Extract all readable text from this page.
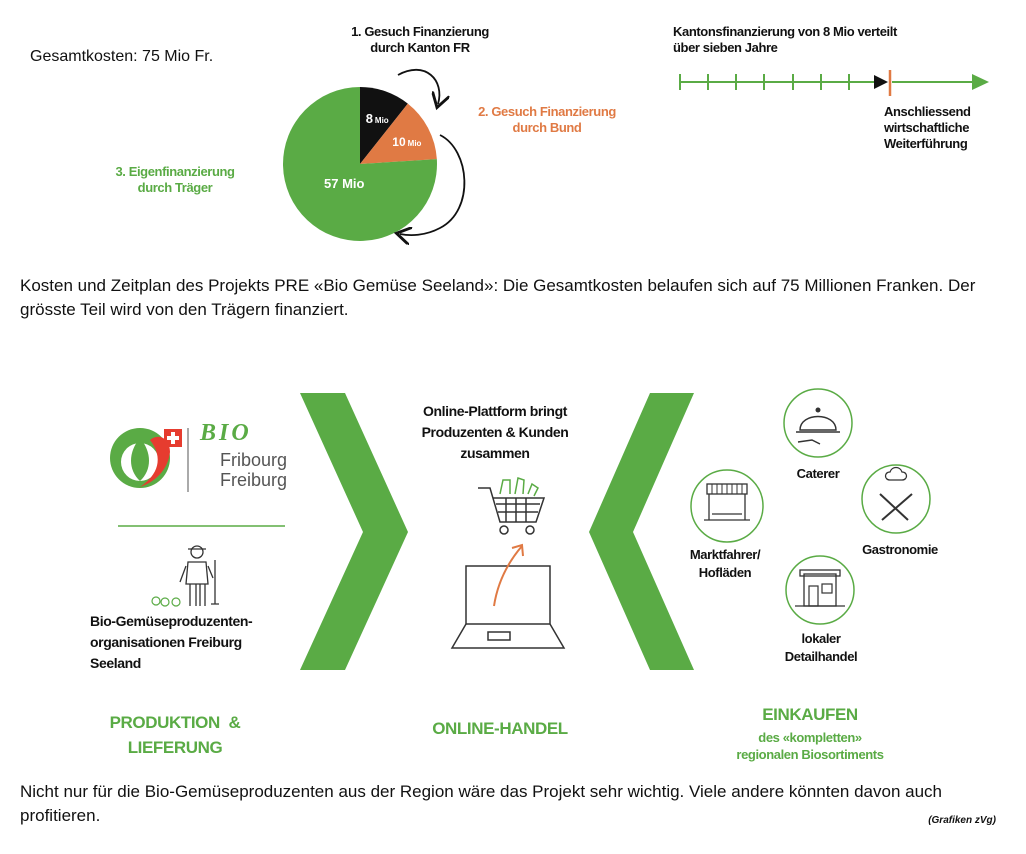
8 Mio
10 Mio
57 Mio
Gesamtkosten: 75 Mio Fr.
1. Gesuch Finanzierung
durch Kanton FR
2. Gesuch Finanzierung
durch Bund
3. Eigenfinanzierung
durch Träger
Kantonsfinanzierung von 8 Mio verteilt
über sieben Jahre
Anschliessend
wirtschaftliche
Weiterführung
Kosten und Zeitplan des Projekts PRE «Bio Gemüse Seeland»: Die Gesamtkosten belaufen sich auf 75 Millionen Franken. Der grösste Teil wird von den Trägern finanziert.
BIO
Fribourg
Freiburg
Bio-Gemüseproduzenten-
organisationen Freiburg
Seeland
Online-Plattform bringt
Produzenten & Kunden
zusammen
Caterer
Gastronomie
Marktfahrer/
Hofläden
lokaler
Detailhandel
PRODUKTION  &
LIEFERUNG
ONLINE-HANDEL
EINKAUFEN
des «kompletten»
regionalen Biosortiments
Nicht nur für die Bio-Gemüseproduzenten aus der Region wäre das Projekt sehr wichtig. Viele andere könnten davon auch profitieren.	(Grafiken zVg)
